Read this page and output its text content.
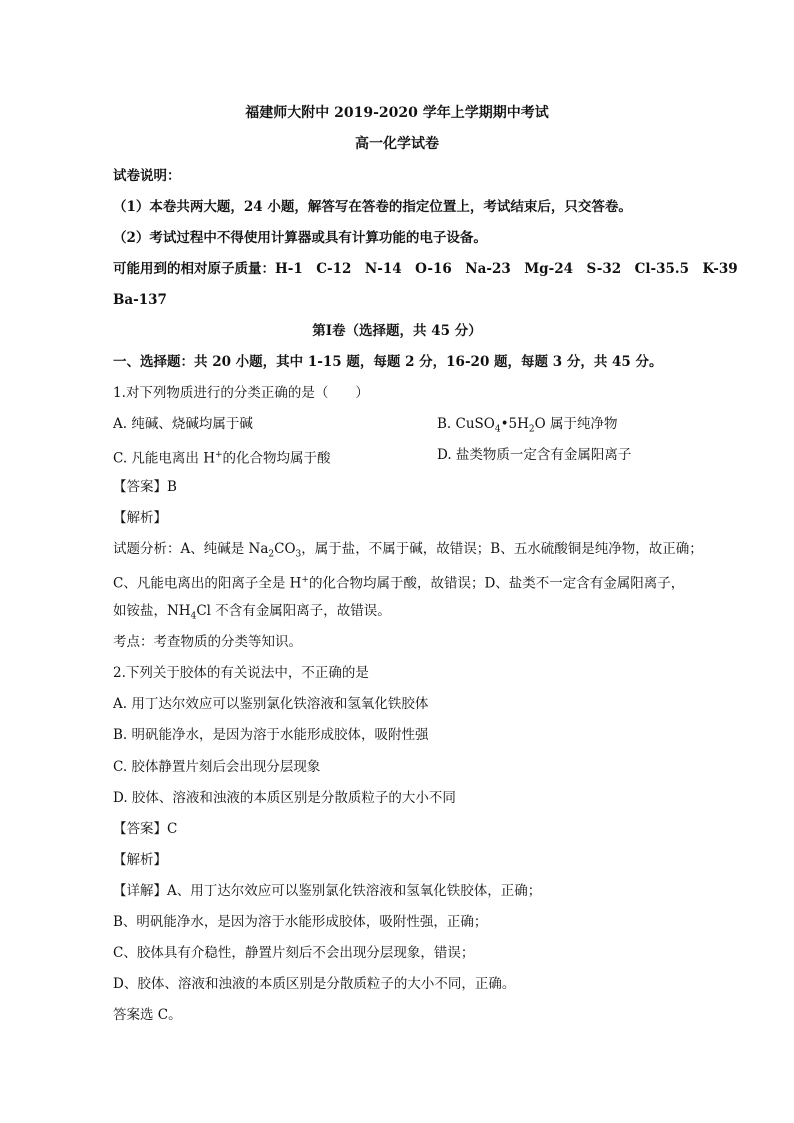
福建师大附中 2019-2020 学年上学期期中考试
高一化学试卷
试卷说明：
（1）本卷共两大题，24 小题，解答写在答卷的指定位置上，考试结束后，只交答卷。
（2）考试过程中不得使用计算器或具有计算功能的电子设备。
可能用到的相对原子质量：H-1　C-12　N-14　O-16　Na-23　Mg-24　S-32　Cl-35.5　K-39
Ba-137
第Ⅰ卷（选择题，共 45 分）
一、选择题：共 20 小题，其中 1-15 题，每题 2 分，16-20 题，每题 3 分，共 45 分。
1.对下列物质进行的分类正确的是（　　）
A. 纯碱、烧碱均属于碱	B. $CuSO_4•5H_2O$ 属于纯净物
C. 凡能电离出 H+的化合物均属于酸	D. 盐类物质一定含有金属阳离子
【答案】B
【解析】
试题分析：A、纯碱是 $Na_2CO_3$，属于盐，不属于碱，故错误；B、五水硫酸铜是纯净物，故正确；
C、凡能电离出的阳离子全是 H+的化合物均属于酸，故错误；D、盐类不一定含有金属阳离子，
如铵盐，$NH_4Cl$ 不含有金属阳离子，故错误。
考点：考查物质的分类等知识。
2.下列关于胶体的有关说法中，不正确的是
A. 用丁达尔效应可以鉴别氯化铁溶液和氢氧化铁胶体
B. 明矾能净水，是因为溶于水能形成胶体，吸附性强
C. 胶体静置片刻后会出现分层现象
D. 胶体、溶液和浊液的本质区别是分散质粒子的大小不同
【答案】C
【解析】
【详解】A、用丁达尔效应可以鉴别氯化铁溶液和氢氧化铁胶体，正确；
B、明矾能净水，是因为溶于水能形成胶体，吸附性强，正确；
C、胶体具有介稳性，静置片刻后不会出现分层现象，错误；
D、胶体、溶液和浊液的本质区别是分散质粒子的大小不同，正确。
答案选 C。
